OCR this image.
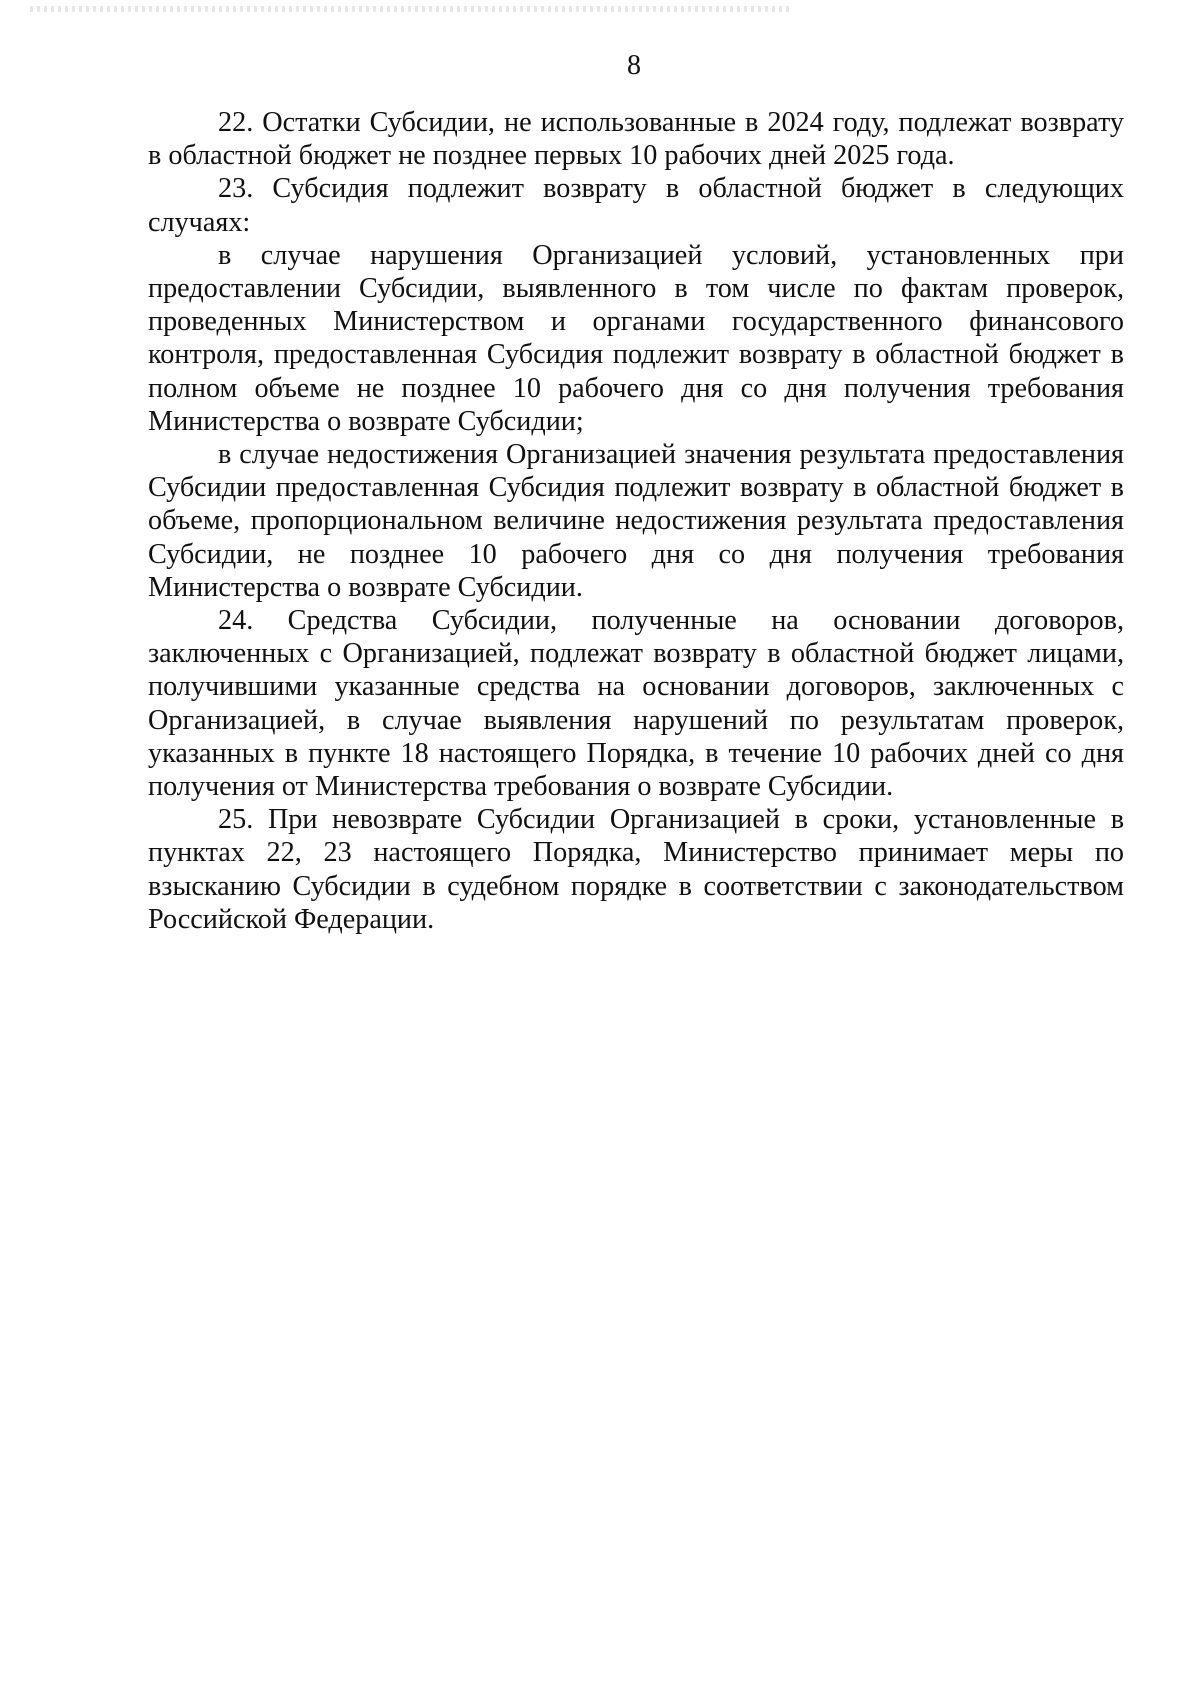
8

22. Остатки Субсидии, не использованные в 2024 году, подлежат возврату в областной бюджет не позднее первых 10 рабочих дней 2025 года.

23. Субсидия подлежит возврату в областной бюджет в следующих случаях:

в случае нарушения Организацией условий, установленных при предоставлении Субсидии, выявленного в том числе по фактам проверок, проведенных Министерством и органами государственного финансового контроля, предоставленная Субсидия подлежит возврату в областной бюджет в полном объеме не позднее 10 рабочего дня со дня получения требования Министерства о возврате Субсидии;

в случае недостижения Организацией значения результата предоставления Субсидии предоставленная Субсидия подлежит возврату в областной бюджет в объеме, пропорциональном величине недостижения результата предоставления Субсидии, не позднее 10 рабочего дня со дня получения требования Министерства о возврате Субсидии.

24. Средства Субсидии, полученные на основании договоров, заключенных с Организацией, подлежат возврату в областной бюджет лицами, получившими указанные средства на основании договоров, заключенных с Организацией, в случае выявления нарушений по результатам проверок, указанных в пункте 18 настоящего Порядка, в течение 10 рабочих дней со дня получения от Министерства требования о возврате Субсидии.

25. При невозврате Субсидии Организацией в сроки, установленные в пунктах 22, 23 настоящего Порядка, Министерство принимает меры по взысканию Субсидии в судебном порядке в соответствии с законодательством Российской Федерации.
